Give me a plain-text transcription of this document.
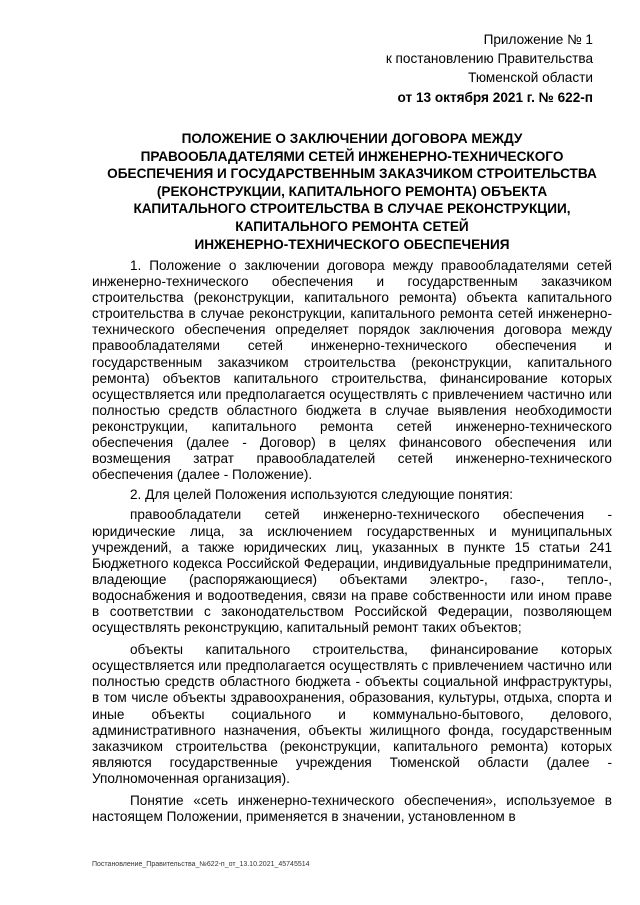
Приложение № 1
к постановлению Правительства
Тюменской области
от 13 октября 2021 г. № 622-п
ПОЛОЖЕНИЕ О ЗАКЛЮЧЕНИИ ДОГОВОРА МЕЖДУ
ПРАВООБЛАДАТЕЛЯМИ СЕТЕЙ ИНЖЕНЕРНО-ТЕХНИЧЕСКОГО
ОБЕСПЕЧЕНИЯ И ГОСУДАРСТВЕННЫМ ЗАКАЗЧИКОМ СТРОИТЕЛЬСТВА
(РЕКОНСТРУКЦИИ, КАПИТАЛЬНОГО РЕМОНТА) ОБЪЕКТА
КАПИТАЛЬНОГО СТРОИТЕЛЬСТВА В СЛУЧАЕ РЕКОНСТРУКЦИИ,
КАПИТАЛЬНОГО РЕМОНТА СЕТЕЙ
ИНЖЕНЕРНО-ТЕХНИЧЕСКОГО ОБЕСПЕЧЕНИЯ

1. Положение о заключении договора между правообладателями сетей инженерно-технического обеспечения и государственным заказчиком строительства (реконструкции, капитального ремонта) объекта капитального строительства в случае реконструкции, капитального ремонта сетей инженерно-технического обеспечения определяет порядок заключения договора между правообладателями сетей инженерно-технического обеспечения и государственным заказчиком строительства (реконструкции, капитального ремонта) объектов капитального строительства, финансирование которых осуществляется или предполагается осуществлять с привлечением частично или полностью средств областного бюджета в случае выявления необходимости реконструкции, капитального ремонта сетей инженерно-технического обеспечения (далее - Договор) в целях финансового обеспечения или возмещения затрат правообладателей сетей инженерно-технического обеспечения (далее - Положение).

2. Для целей Положения используются следующие понятия:

правообладатели сетей инженерно-технического обеспечения - юридические лица, за исключением государственных и муниципальных учреждений, а также юридических лиц, указанных в пункте 15 статьи 241 Бюджетного кодекса Российской Федерации, индивидуальные предприниматели, владеющие (распоряжающиеся) объектами электро-, газо-, тепло-, водоснабжения и водоотведения, связи на праве собственности или ином праве в соответствии с законодательством Российской Федерации, позволяющем осуществлять реконструкцию, капитальный ремонт таких объектов;

объекты капитального строительства, финансирование которых осуществляется или предполагается осуществлять с привлечением частично или полностью средств областного бюджета - объекты социальной инфраструктуры, в том числе объекты здравоохранения, образования, культуры, отдыха, спорта и иные объекты социального и коммунально-бытового, делового, административного назначения, объекты жилищного фонда, государственным заказчиком строительства (реконструкции, капитального ремонта) которых являются государственные учреждения Тюменской области (далее - Уполномоченная организация).

Понятие «сеть инженерно-технического обеспечения», используемое в настоящем Положении, применяется в значении, установленном в

Постановление_Правительства_№622-п_от_13.10.2021_45745514
